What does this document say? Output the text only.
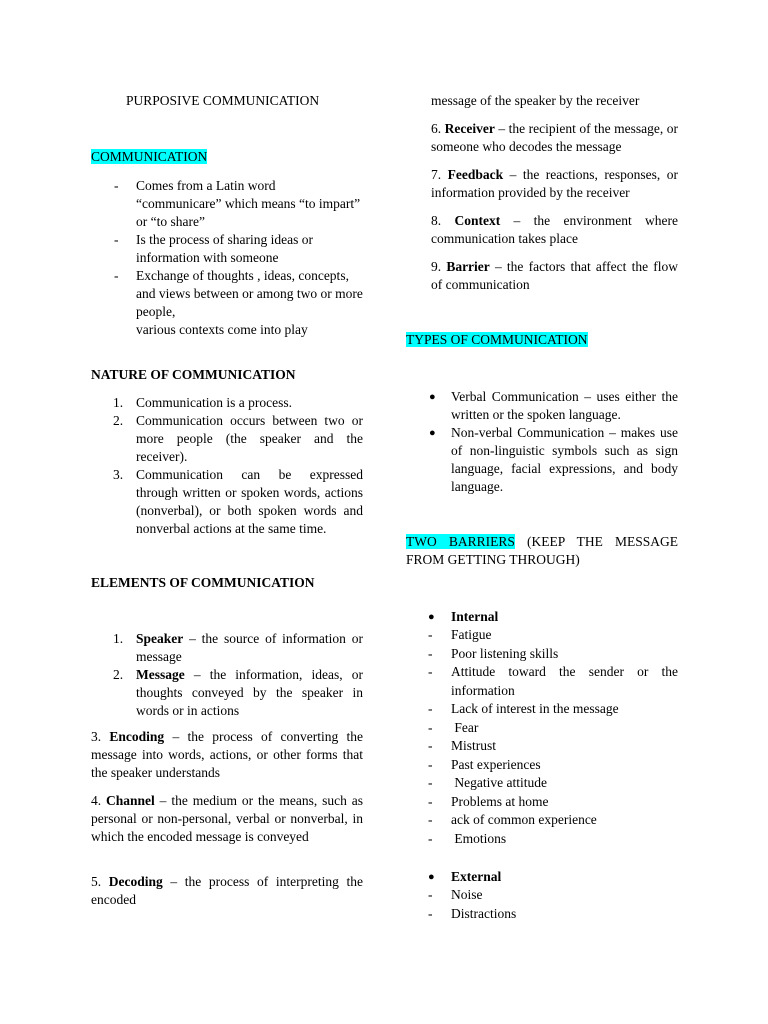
PURPOSIVE COMMUNICATION
COMMUNICATION
- Comes from a Latin word “communicare” which means “to impart” or “to share”
- Is the process of sharing ideas or information with someone
- Exchange of thoughts , ideas, concepts, and views between or among two or more people,
various contexts come into play
NATURE OF COMMUNICATION
1. Communication is a process.
2. Communication occurs between two or more people (the speaker and the receiver).
3. Communication can be expressed through written or spoken words, actions (nonverbal), or both spoken words and nonverbal actions at the same time.
ELEMENTS OF COMMUNICATION
1. Speaker – the source of information or message
2. Message – the information, ideas, or thoughts conveyed by the speaker in words or in actions
3. Encoding – the process of converting the message into words, actions, or other forms that the speaker understands
4. Channel – the medium or the means, such as personal or non-personal, verbal or nonverbal, in which the encoded message is conveyed
5. Decoding – the process of interpreting the encoded
message of the speaker by the receiver
6. Receiver – the recipient of the message, or someone who decodes the message
7. Feedback – the reactions, responses, or information provided by the receiver
8. Context – the environment where communication takes place
9. Barrier – the factors that affect the flow of communication
TYPES OF COMMUNICATION
● Verbal Communication – uses either the written or the spoken language.
● Non-verbal Communication – makes use of non-linguistic symbols such as sign language, facial expressions, and body language.
TWO BARRIERS (KEEP THE MESSAGE FROM GETTING THROUGH)
● Internal
- Fatigue
- Poor listening skills
- Attitude toward the sender or the information
- Lack of interest in the message
- Fear
- Mistrust
- Past experiences
- Negative attitude
- Problems at home
- ack of common experience
- Emotions
● External
- Noise
- Distractions
